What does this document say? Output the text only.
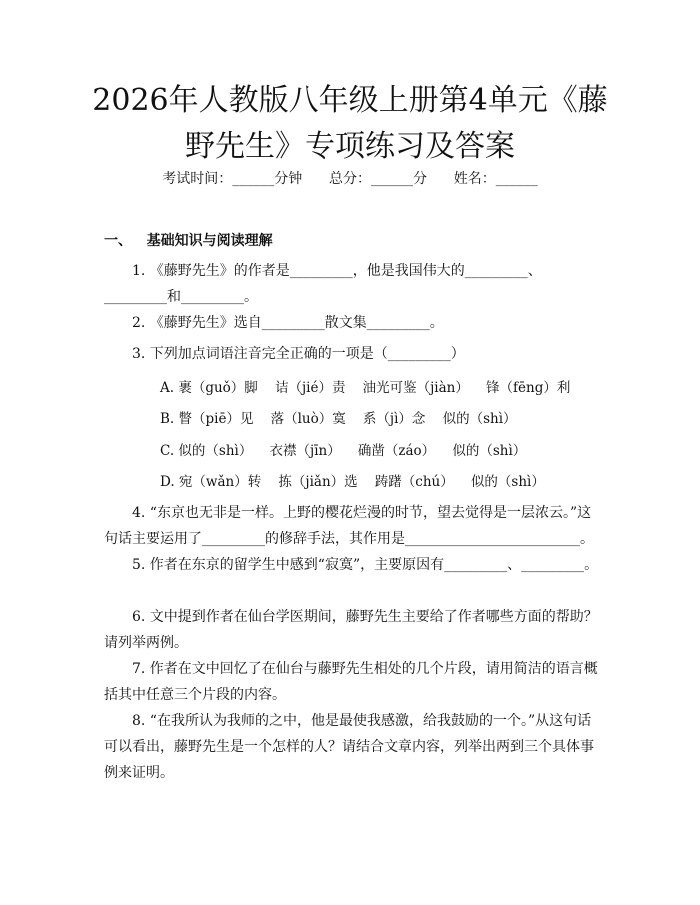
2026年人教版八年级上册第4单元《藤野先生》专项练习及答案
考试时间：______分钟      总分：______分      姓名：______
一、   基础知识与阅读理解
1. 《藤野先生》的作者是_________，他是我国伟大的_________、_________和_________。
2. 《藤野先生》选自_________散文集_________。
3. 下列加点词语注音完全正确的一项是（_________）
A. 裹（guǒ）脚    诘（jié）责    油光可鉴（jiàn）    锋（fēng）利
B. 瞥（piē）见    落（luò）寞    系（jì）念    似的（shì）
C. 似的（shì）    衣襟（jīn）    确凿（záo）    似的（shì）
D. 宛（wǎn）转    拣（jiǎn）选    踌躇（chú）    似的（shì）
4. “东京也无非是一样。上野的樱花烂漫的时节，望去觉得是一层浓云。”这句话主要运用了_________的修辞手法，其作用是_________________________。
5. 作者在东京的留学生中感到“寂寞”，主要原因有_________、_________。
6. 文中提到作者在仙台学医期间，藤野先生主要给了作者哪些方面的帮助？请列举两例。
7. 作者在文中回忆了在仙台与藤野先生相处的几个片段，请用简洁的语言概括其中任意三个片段的内容。
8. “在我所认为我师的之中，他是最使我感激，给我鼓励的一个。”从这句话可以看出，藤野先生是一个怎样的人？请结合文章内容，列举出两到三个具体事例来证明。
